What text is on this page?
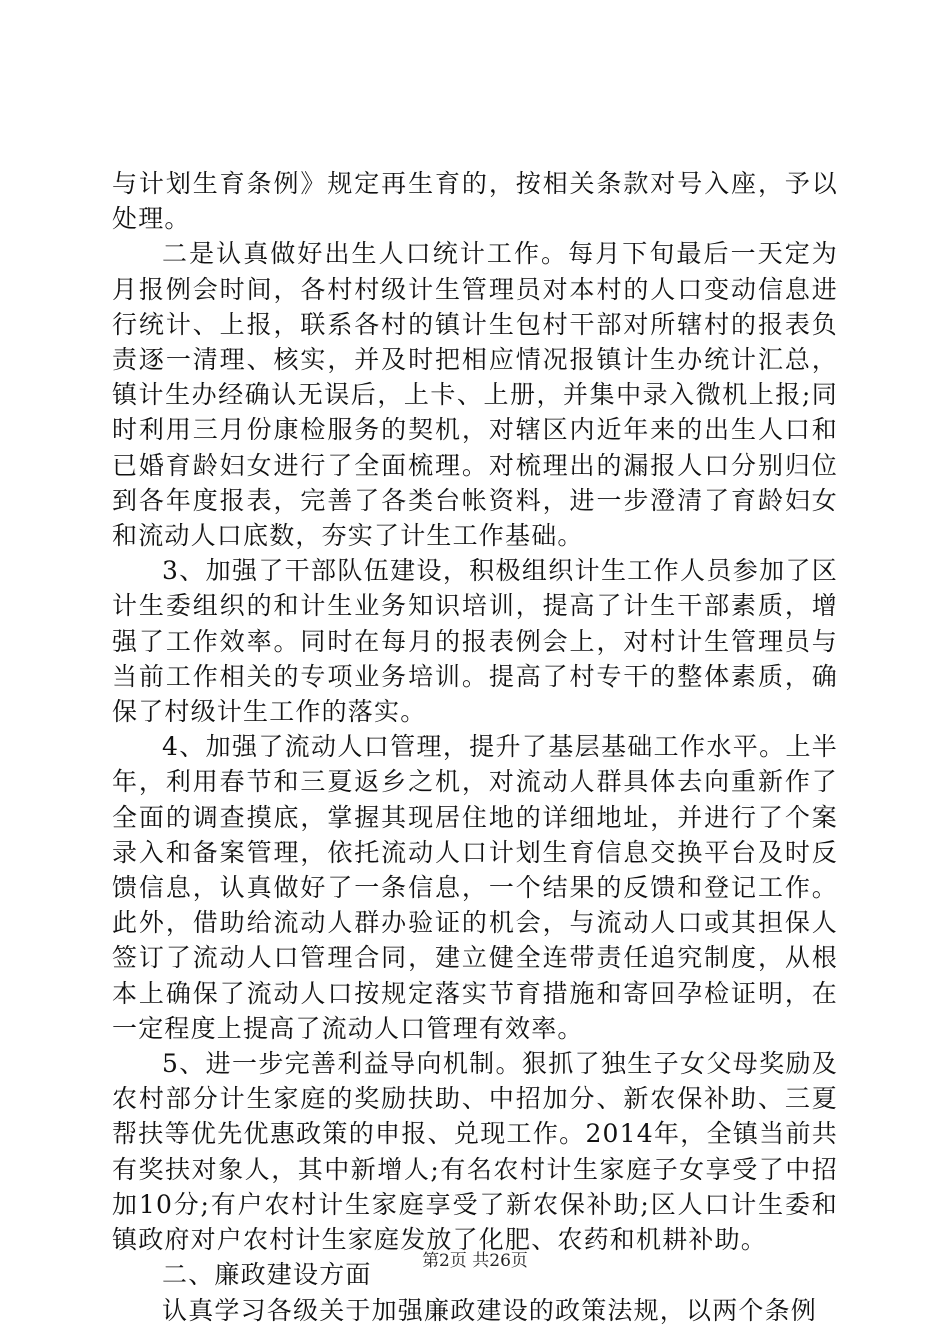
与计划生育条例》规定再生育的，按相关条款对号入座，予以处理。

二是认真做好出生人口统计工作。每月下旬最后一天定为月报例会时间，各村村级计生管理员对本村的人口变动信息进行统计、上报，联系各村的镇计生包村干部对所辖村的报表负责逐一清理、核实，并及时把相应情况报镇计生办统计汇总，镇计生办经确认无误后，上卡、上册，并集中录入微机上报;同时利用三月份康检服务的契机，对辖区内近年来的出生人口和已婚育龄妇女进行了全面梳理。对梳理出的漏报人口分别归位到各年度报表，完善了各类台帐资料，进一步澄清了育龄妇女和流动人口底数，夯实了计生工作基础。

3、加强了干部队伍建设，积极组织计生工作人员参加了区计生委组织的和计生业务知识培训，提高了计生干部素质，增强了工作效率。同时在每月的报表例会上，对村计生管理员与当前工作相关的专项业务培训。提高了村专干的整体素质，确保了村级计生工作的落实。

4、加强了流动人口管理，提升了基层基础工作水平。上半年，利用春节和三夏返乡之机，对流动人群具体去向重新作了全面的调查摸底，掌握其现居住地的详细地址，并进行了个案录入和备案管理，依托流动人口计划生育信息交换平台及时反馈信息，认真做好了一条信息，一个结果的反馈和登记工作。此外，借助给流动人群办验证的机会，与流动人口或其担保人签订了流动人口管理合同，建立健全连带责任追究制度，从根本上确保了流动人口按规定落实节育措施和寄回孕检证明，在一定程度上提高了流动人口管理有效率。

5、进一步完善利益导向机制。狠抓了独生子女父母奖励及农村部分计生家庭的奖励扶助、中招加分、新农保补助、三夏帮扶等优先优惠政策的申报、兑现工作。2014年，全镇当前共有奖扶对象人，其中新增人;有名农村计生家庭子女享受了中招加10分;有户农村计生家庭享受了新农保补助;区人口计生委和镇政府对户农村计生家庭发放了化肥、农药和机耕补助。

二、廉政建设方面

认真学习各级关于加强廉政建设的政策法规，以两个条例

第2页 共26页
